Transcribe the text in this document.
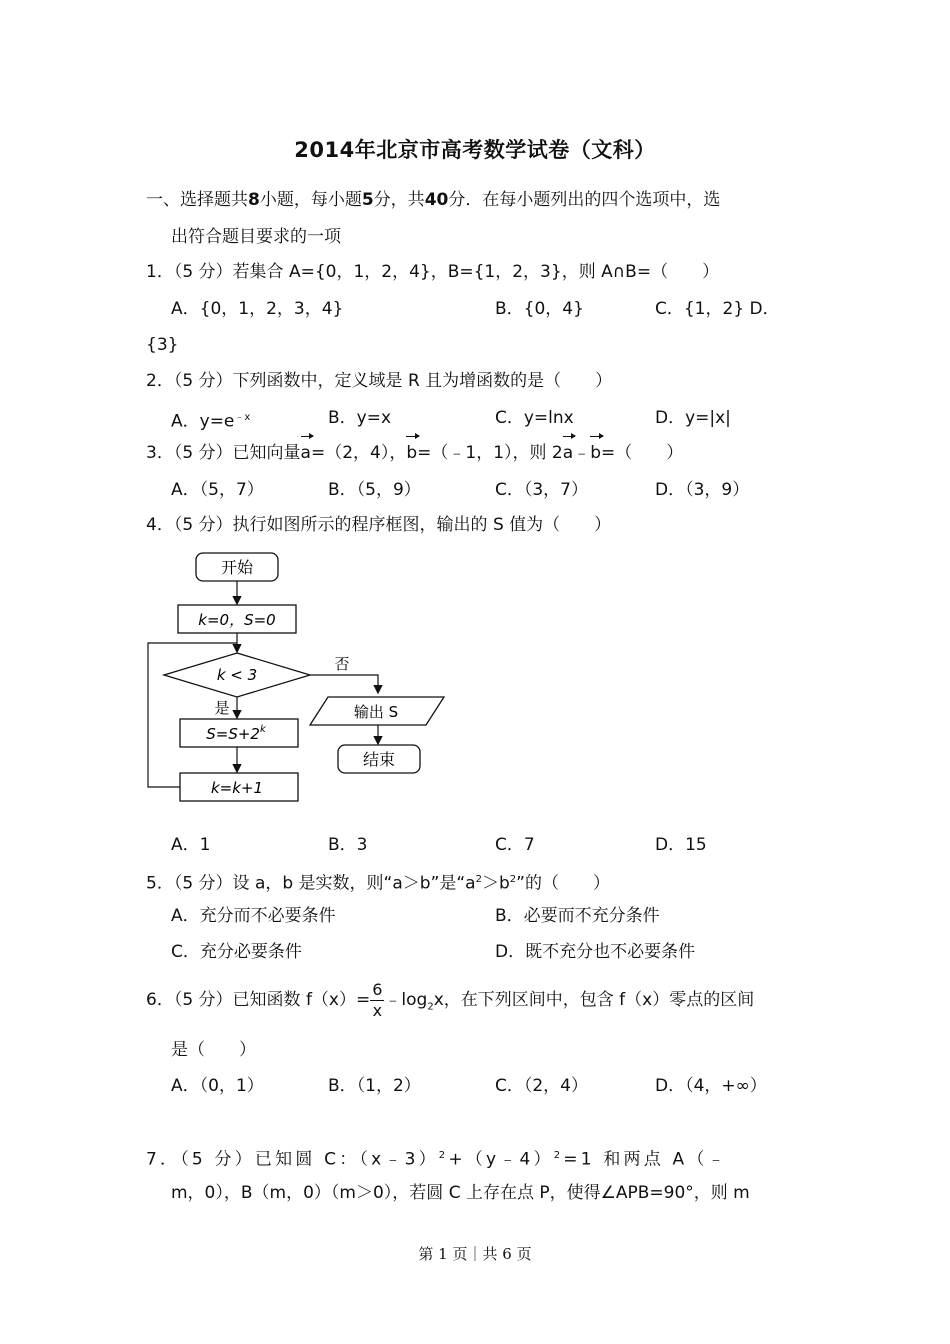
2014年北京市高考数学试卷（文科）
一、选择题共8小题，每小题5分，共40分．在每小题列出的四个选项中，选
出符合题目要求的一项
1．（5 分）若集合 A={0，1，2，4}，B={1，2，3}，则 A∩B=（　　）
A．{0，1，2，3，4}	B．{0，4}	C．{1，2} D．
{3}
2．（5 分）下列函数中，定义域是 R 且为增函数的是（　　）
A．$y=e^{﹣x}$	B．y=x	C．y=lnx	D．y=|x|
3．（5 分）已知向量a=（2，4），b=（﹣1，1），则 2a﹣b=（　　）
A．（5，7）	B．（5，9）	C．（3，7）	D．（3，9）
4．（5 分）执行如图所示的程序框图，输出的 S 值为（　　）
开始
k=0，S=0
k < 3
否
输出 S
结束
是
$S=S+2^k$
k=k+1
A．1	B．3	C．7	D．15
5．（5 分）设 a，b 是实数，则“a＞b”是“$a^2>b^2$”的（　　）
A．充分而不必要条件	B．必要而不充分条件
C．充分必要条件	D．既不充分也不必要条件
6．（5 分）已知函数 $f(x)= \frac{6}{x}$ $﹣\log_2x$，在下列区间中，包含 f（x）零点的区间
是（　　）
A．（0，1）	B．（1，2）	C．（2，4）	D．（4，+∞）
7．（5 分）已知圆 C：（x﹣3）$^2$+（y﹣4）$^2$=1 和两点 A（﹣
m，0），B（m，0）（m＞0），若圆 C 上存在点 P，使得∠APB=90°，则 m
第 1 页｜共 6 页
